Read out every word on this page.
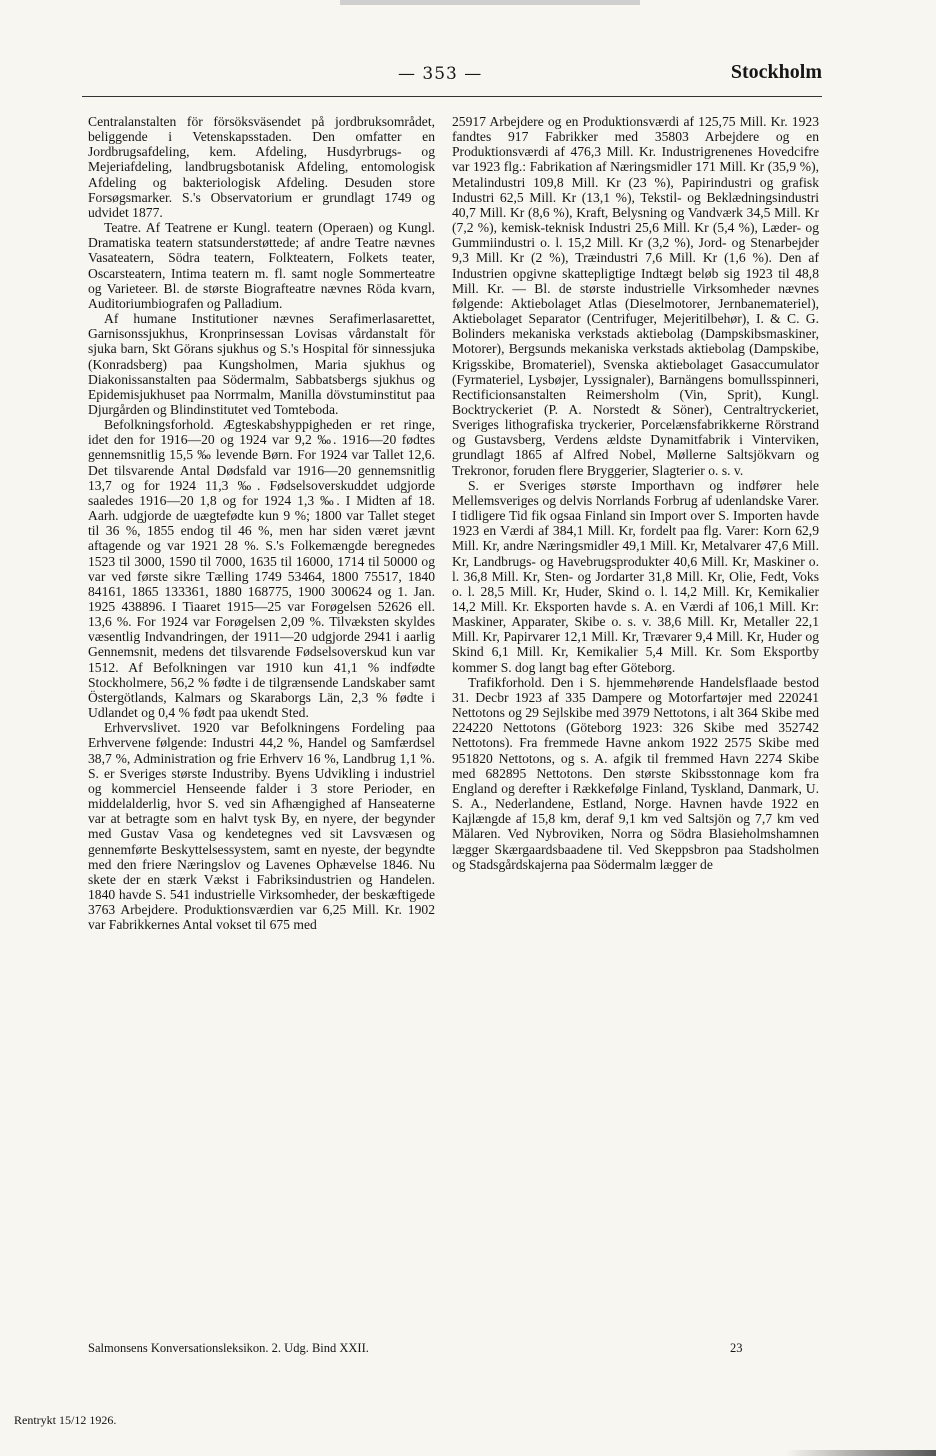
— 353 —	Stockholm

Centralanstalten för försöksväsendet på jordbruksområdet, beliggende i Vetenskapsstaden. Den omfatter en Jordbrugsafdeling, kem. Afdeling, Husdyrbrugs- og Mejeriafdeling, landbrugsbotanisk Afdeling, entomologisk Afdeling og bakteriologisk Afdeling. Desuden store Forsøgsmarker. S.'s Observatorium er grundlagt 1749 og udvidet 1877.

Teatre. Af Teatrene er Kungl. teatern (Operaen) og Kungl. Dramatiska teatern statsunderstøttede; af andre Teatre nævnes Vasateatern, Södra teatern, Folkteatern, Folkets teater, Oscarsteatern, Intima teatern m. fl. samt nogle Sommerteatre og Varieteer. Bl. de største Biografteatre nævnes Röda kvarn, Auditoriumbiografen og Palladium.

Af humane Institutioner nævnes Serafimerlasarettet, Garnisonssjukhus, Kronprinsessan Lovisas vårdanstalt för sjuka barn, Skt Görans sjukhus og S.'s Hospital för sinnessjuka (Konradsberg) paa Kungsholmen, Maria sjukhus og Diakonissanstalten paa Södermalm, Sabbatsbergs sjukhus og Epidemisjukhuset paa Norrmalm, Manilla dövstuminstitut paa Djurgården og Blindinstitutet ved Tomteboda.

Befolkningsforhold. Ægteskabshyppigheden er ret ringe, idet den for 1916—20 og 1924 var 9,2 ‰. 1916—20 fødtes gennemsnitlig 15,5 ‰ levende Børn. For 1924 var Tallet 12,6. Det tilsvarende Antal Dødsfald var 1916—20 gennemsnitlig 13,7 og for 1924 11,3 ‰. Fødselsoverskuddet udgjorde saaledes 1916—20 1,8 og for 1924 1,3 ‰. I Midten af 18. Aarh. udgjorde de uægtefødte kun 9 %; 1800 var Tallet steget til 36 %, 1855 endog til 46 %, men har siden været jævnt aftagende og var 1921 28 %. S.'s Folkemængde beregnedes 1523 til 3000, 1590 til 7000, 1635 til 16000, 1714 til 50000 og var ved første sikre Tælling 1749 53464, 1800 75517, 1840 84161, 1865 133361, 1880 168775, 1900 300624 og 1. Jan. 1925 438896. I Tiaaret 1915—25 var Forøgelsen 52626 ell. 13,6 %. For 1924 var Forøgelsen 2,09 %. Tilvæksten skyldes væsentlig Indvandringen, der 1911—20 udgjorde 2941 i aarlig Gennemsnit, medens det tilsvarende Fødselsoverskud kun var 1512. Af Befolkningen var 1910 kun 41,1 % indfødte Stockholmere, 56,2 % fødte i de tilgrænsende Landskaber samt Östergötlands, Kalmars og Skaraborgs Län, 2,3 % fødte i Udlandet og 0,4 % født paa ukendt Sted.

Erhvervslivet. 1920 var Befolkningens Fordeling paa Erhvervene følgende: Industri 44,2 %, Handel og Samfærdsel 38,7 %, Administration og frie Erhverv 16 %, Landbrug 1,1 %. S. er Sveriges største Industriby. Byens Udvikling i industriel og kommerciel Henseende falder i 3 store Perioder, en middelalderlig, hvor S. ved sin Afhængighed af Hanseaterne var at betragte som en halvt tysk By, en nyere, der begynder med Gustav Vasa og kendetegnes ved sit Lavsvæsen og gennemførte Beskyttelsessystem, samt en nyeste, der begyndte med den friere Næringslov og Lavenes Ophævelse 1846. Nu skete der en stærk Vækst i Fabriksindustrien og Handelen. 1840 havde S. 541 industrielle Virksomheder, der beskæftigede 3763 Arbejdere. Produktionsværdien var 6,25 Mill. Kr. 1902 var Fabrikkernes Antal vokset til 675 med

25917 Arbejdere og en Produktionsværdi af 125,75 Mill. Kr. 1923 fandtes 917 Fabrikker med 35803 Arbejdere og en Produktionsværdi af 476,3 Mill. Kr. Industrigrenenes Hovedcifre var 1923 flg.: Fabrikation af Næringsmidler 171 Mill. Kr (35,9 %), Metalindustri 109,8 Mill. Kr (23 %), Papirindustri og grafisk Industri 62,5 Mill. Kr (13,1 %), Tekstil- og Beklædningsindustri 40,7 Mill. Kr (8,6 %), Kraft, Belysning og Vandværk 34,5 Mill. Kr (7,2 %), kemisk-teknisk Industri 25,6 Mill. Kr (5,4 %), Læder- og Gummiindustri o. l. 15,2 Mill. Kr (3,2 %), Jord- og Stenarbejder 9,3 Mill. Kr (2 %), Træindustri 7,6 Mill. Kr (1,6 %). Den af Industrien opgivne skattepligtige Indtægt beløb sig 1923 til 48,8 Mill. Kr. — Bl. de største industrielle Virksomheder nævnes følgende: Aktiebolaget Atlas (Dieselmotorer, Jernbanemateriel), Aktiebolaget Separator (Centrifuger, Mejeritilbehør), I. & C. G. Bolinders mekaniska verkstads aktiebolag (Dampskibsmaskiner, Motorer), Bergsunds mekaniska verkstads aktiebolag (Dampskibe, Krigsskibe, Bromateriel), Svenska aktiebolaget Gasaccumulator (Fyrmateriel, Lysbøjer, Lyssignaler), Barnängens bomullsspinneri, Rectificionsanstalten Reimersholm (Vin, Sprit), Kungl. Bocktryckeriet (P. A. Norstedt & Söner), Centraltryckeriet, Sveriges lithografiska tryckerier, Porcelænsfabrikkerne Rörstrand og Gustavsberg, Verdens ældste Dynamitfabrik i Vinterviken, grundlagt 1865 af Alfred Nobel, Møllerne Saltsjökvarn og Trekronor, foruden flere Bryggerier, Slagterier o. s. v.

S. er Sveriges største Importhavn og indfører hele Mellemsveriges og delvis Norrlands Forbrug af udenlandske Varer. I tidligere Tid fik ogsaa Finland sin Import over S. Importen havde 1923 en Værdi af 384,1 Mill. Kr, fordelt paa flg. Varer: Korn 62,9 Mill. Kr, andre Næringsmidler 49,1 Mill. Kr, Metalvarer 47,6 Mill. Kr, Landbrugs- og Havebrugsprodukter 40,6 Mill. Kr, Maskiner o. l. 36,8 Mill. Kr, Sten- og Jordarter 31,8 Mill. Kr, Olie, Fedt, Voks o. l. 28,5 Mill. Kr, Huder, Skind o. l. 14,2 Mill. Kr, Kemikalier 14,2 Mill. Kr. Eksporten havde s. A. en Værdi af 106,1 Mill. Kr: Maskiner, Apparater, Skibe o. s. v. 38,6 Mill. Kr, Metaller 22,1 Mill. Kr, Papirvarer 12,1 Mill. Kr, Trævarer 9,4 Mill. Kr, Huder og Skind 6,1 Mill. Kr, Kemikalier 5,4 Mill. Kr. Som Eksportby kommer S. dog langt bag efter Göteborg.

Trafikforhold. Den i S. hjemmehørende Handelsflaade bestod 31. Decbr 1923 af 335 Dampere og Motorfartøjer med 220241 Nettotons og 29 Sejlskibe med 3979 Nettotons, i alt 364 Skibe med 224220 Nettotons (Göteborg 1923: 326 Skibe med 352742 Nettotons). Fra fremmede Havne ankom 1922 2575 Skibe med 951820 Nettotons, og s. A. afgik til fremmed Havn 2274 Skibe med 682895 Nettotons. Den største Skibsstonnage kom fra England og derefter i Rækkefølge Finland, Tyskland, Danmark, U. S. A., Nederlandene, Estland, Norge. Havnen havde 1922 en Kajlængde af 15,8 km, deraf 9,1 km ved Saltsjön og 7,7 km ved Mälaren. Ved Nybroviken, Norra og Södra Blasieholmshamnen lægger Skærgaardsbaadene til. Ved Skeppsbron paa Stadsholmen og Stadsgårdskajerna paa Södermalm lægger de

Salmonsens Konversationsleksikon. 2. Udg. Bind XXII.	23
Rentrykt 15/12 1926.
